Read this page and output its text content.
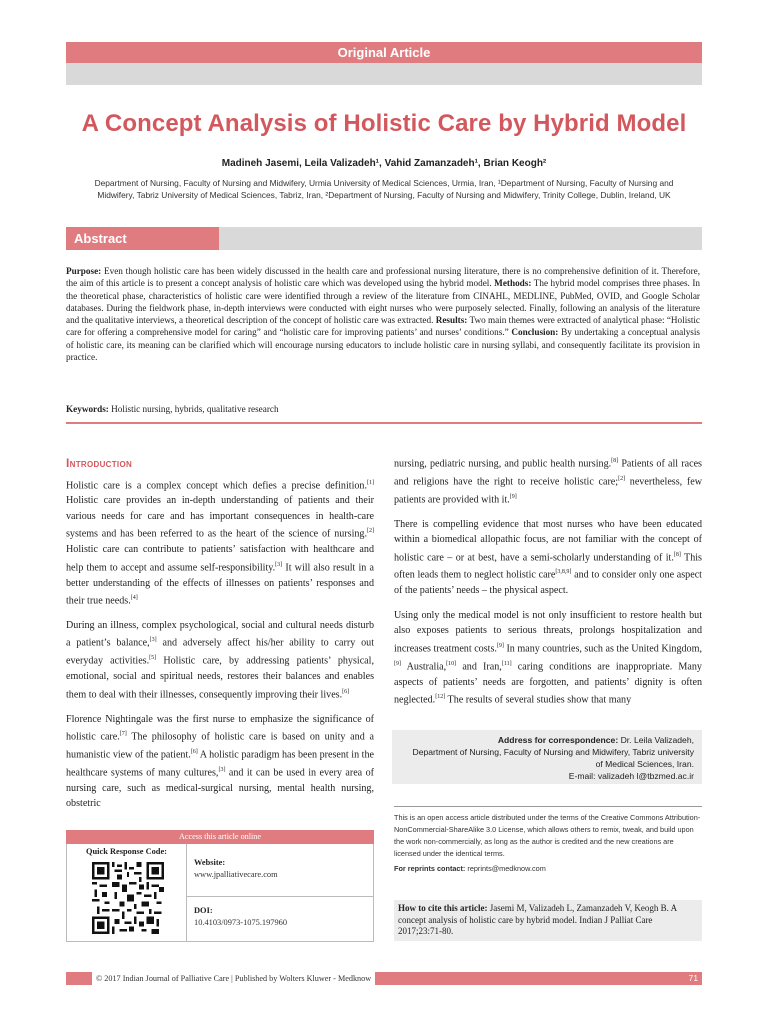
Original Article
A Concept Analysis of Holistic Care by Hybrid Model
Madineh Jasemi, Leila Valizadeh¹, Vahid Zamanzadeh¹, Brian Keogh²
Department of Nursing, Faculty of Nursing and Midwifery, Urmia University of Medical Sciences, Urmia, Iran, ¹Department of Nursing, Faculty of Nursing and
Midwifery, Tabriz University of Medical Sciences, Tabriz, Iran, ²Department of Nursing, Faculty of Nursing and Midwifery, Trinity College, Dublin, Ireland, UK
Abstract
Purpose: Even though holistic care has been widely discussed in the health care and professional nursing literature, there is no comprehensive definition of it. Therefore, the aim of this article is to present a concept analysis of holistic care which was developed using the hybrid model. Methods: The hybrid model comprises three phases. In the theoretical phase, characteristics of holistic care were identified through a review of the literature from CINAHL, MEDLINE, PubMed, OVID, and Google Scholar databases. During the fieldwork phase, in-depth interviews were conducted with eight nurses who were purposely selected. Finally, following an analysis of the literature and the qualitative interviews, a theoretical description of the concept of holistic care was extracted. Results: Two main themes were extracted of analytical phase: “Holistic care for offering a comprehensive model for caring” and “holistic care for improving patients’ and nurses’ conditions.” Conclusion: By undertaking a conceptual analysis of holistic care, its meaning can be clarified which will encourage nursing educators to include holistic care in nursing syllabi, and consequently facilitate its provision in practice.
Keywords: Holistic nursing, hybrids, qualitative research
Introduction

Holistic care is a complex concept which defies a precise definition.[1] Holistic care provides an in-depth understanding of patients and their various needs for care and has important consequences in health-care systems and has been referred to as the heart of the science of nursing.[2] Holistic care can contribute to patients’ satisfaction with healthcare and help them to accept and assume self-responsibility.[3] It will also result in a better understanding of the effects of illnesses on patients’ responses and their true needs.[4]

During an illness, complex psychological, social and cultural needs disturb a patient’s balance,[3] and adversely affect his/her ability to carry out everyday activities.[5] Holistic care, by addressing patients’ physical, emotional, social and spiritual needs, restores their balances and enables them to deal with their illnesses, consequently improving their lives.[6]

Florence Nightingale was the first nurse to emphasize the significance of holistic care.[7] The philosophy of holistic care is based on unity and a humanistic view of the patient.[6] A holistic paradigm has been present in the healthcare systems of many cultures,[3] and it can be used in every area of nursing care, such as medical-surgical nursing, mental health nursing, obstetric

nursing, pediatric nursing, and public health nursing.[8] Patients of all races and religions have the right to receive holistic care;[2] nevertheless, few patients are provided with it.[9]

There is compelling evidence that most nurses who have been educated within a biomedical allopathic focus, are not familiar with the concept of holistic care – or at best, have a semi-scholarly understanding of it.[8] This often leads them to neglect holistic care[3,8,9] and to consider only one aspect of the patients’ needs – the physical aspect.

Using only the medical model is not only insufficient to restore health but also exposes patients to serious threats, prolongs hospitalization and increases treatment costs.[9] In many countries, such as the United Kingdom,[9] Australia,[10] and Iran,[11] caring conditions are inappropriate. Many aspects of patients’ needs are forgotten, and patients’ dignity is often neglected.[12] The results of several studies show that many

Address for correspondence: Dr. Leila Valizadeh,
Department of Nursing, Faculty of Nursing and Midwifery, Tabriz university
of Medical Sciences, Iran.
E-mail: valizadeh l@tbzmed.ac.ir
This is an open access article distributed under the terms of the Creative Commons Attribution-NonCommercial-ShareAlike 3.0 License, which allows others to remix, tweak, and build upon the work non-commercially, as long as the author is credited and the new creations are licensed under the identical terms.
For reprints contact: reprints@medknow.com
How to cite this article: Jasemi M, Valizadeh L, Zamanzadeh V, Keogh B. A concept analysis of holistic care by hybrid model. Indian J Palliat Care 2017;23:71-80.
Access this article online
Quick Response Code:
Website:
www.jpalliativecare.com
DOI:
10.4103/0973-1075.197960
© 2017 Indian Journal of Palliative Care | Published by Wolters Kluwer - Medknow	71
